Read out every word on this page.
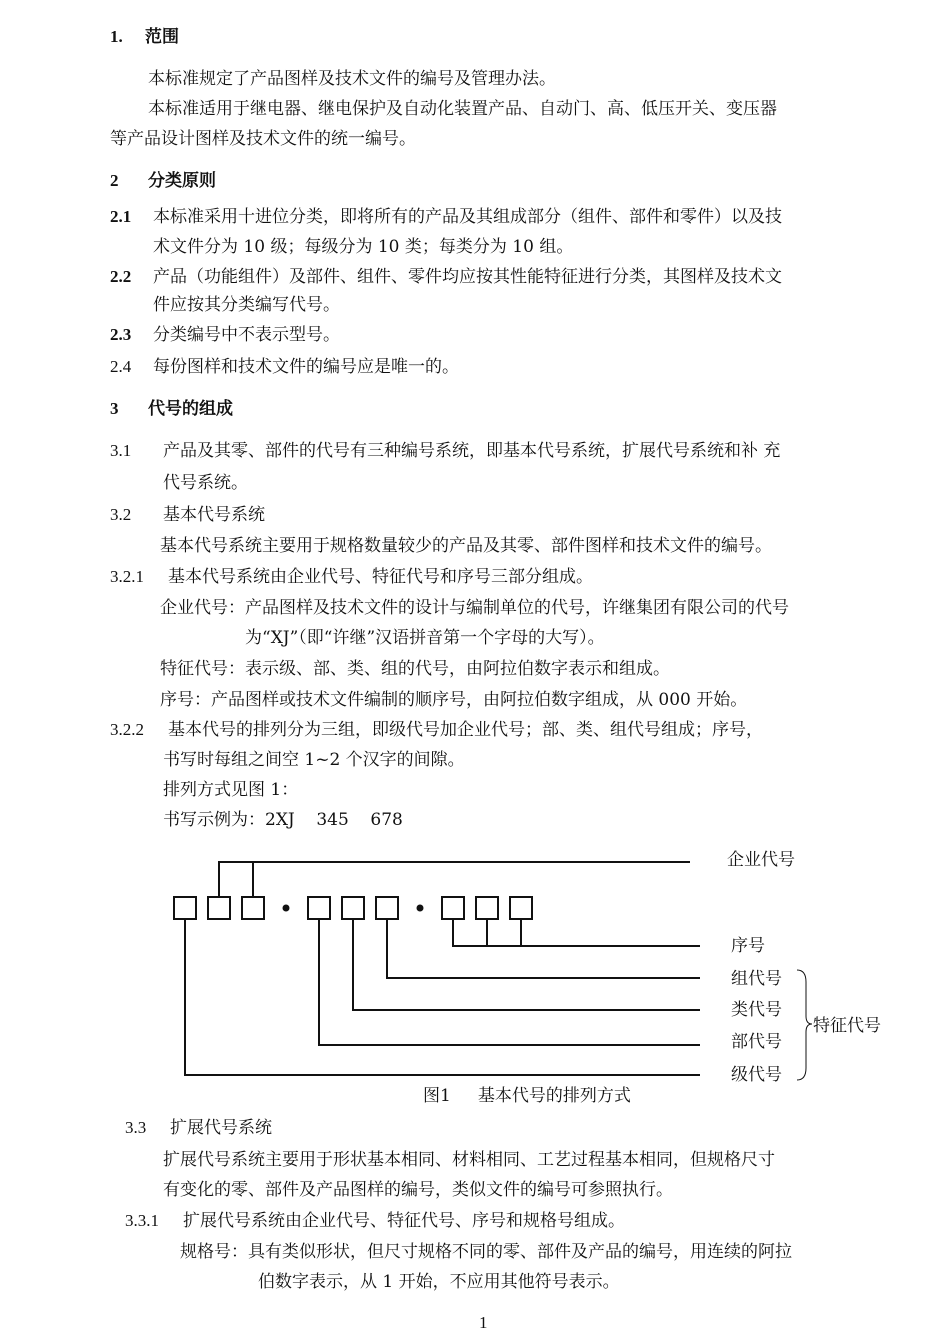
1. 范围
本标准规定了产品图样及技术文件的编号及管理办法。
本标准适用于继电器、继电保护及自动化装置产品、自动门、高、低压开关、变压器
等产品设计图样及技术文件的统一编号。
2 分类原则
2.1 本标准采用十进位分类，即将所有的产品及其组成部分（组件、部件和零件）以及技
术文件分为 10 级；每级分为 10 类；每类分为 10 组。
2.2 产品（功能组件）及部件、组件、零件均应按其性能特征进行分类，其图样及技术文
件应按其分类编写代号。
2.3 分类编号中不表示型号。
2.4 每份图样和技术文件的编号应是唯一的。
3 代号的组成
3.1 产品及其零、部件的代号有三种编号系统，即基本代号系统，扩展代号系统和补 充
代号系统。
3.2 基本代号系统
基本代号系统主要用于规格数量较少的产品及其零、部件图样和技术文件的编号。
3.2.1 基本代号系统由企业代号、特征代号和序号三部分组成。
企业代号：产品图样及技术文件的设计与编制单位的代号，许继集团有限公司的代号
为“XJ”（即“许继”汉语拼音第一个字母的大写）。
特征代号：表示级、部、类、组的代号，由阿拉伯数字表示和组成。
序号：产品图样或技术文件编制的顺序号，由阿拉伯数字组成，从 000 开始。
3.2.2 基本代号的排列分为三组，即级代号加企业代号；部、类、组代号组成；序号，
书写时每组之间空 1~2 个汉字的间隙。
排列方式见图 1：
书写示例为：2XJ    345    678
企业代号
序号
组代号
类代号
部代号
级代号
特征代号
图1     基本代号的排列方式
3.3 扩展代号系统
扩展代号系统主要用于形状基本相同、材料相同、工艺过程基本相同，但规格尺寸
有变化的零、部件及产品图样的编号，类似文件的编号可参照执行。
3.3.1 扩展代号系统由企业代号、特征代号、序号和规格号组成。
规格号：具有类似形状，但尺寸规格不同的零、部件及产品的编号，用连续的阿拉
伯数字表示，从 1 开始，不应用其他符号表示。
1
